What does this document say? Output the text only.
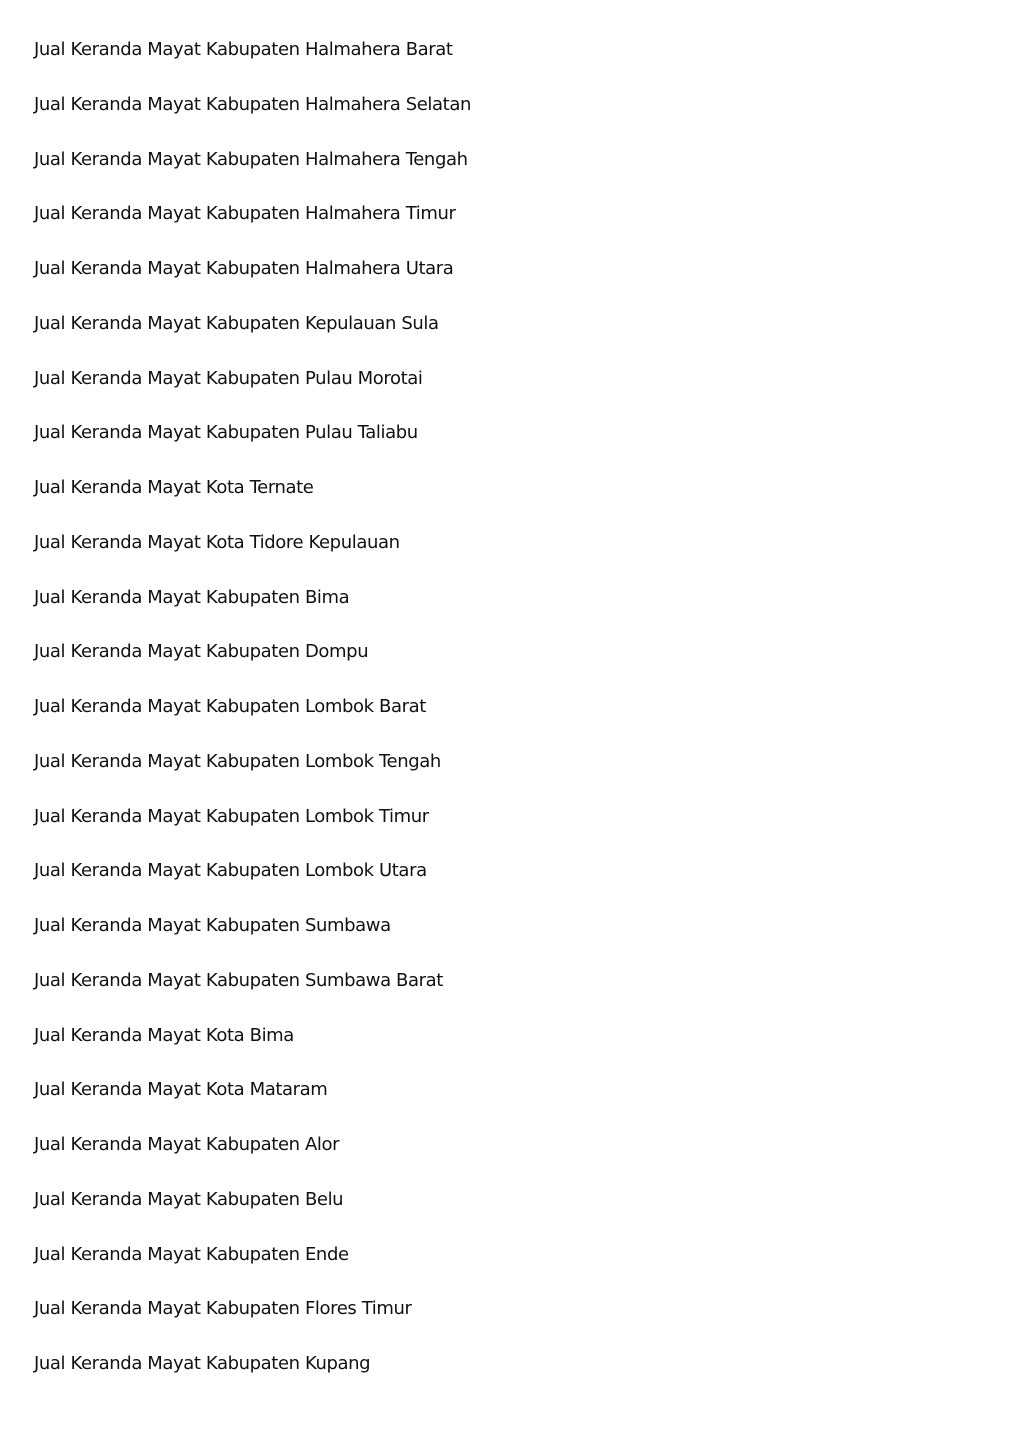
Jual Keranda Mayat Kabupaten Halmahera Barat
Jual Keranda Mayat Kabupaten Halmahera Selatan
Jual Keranda Mayat Kabupaten Halmahera Tengah
Jual Keranda Mayat Kabupaten Halmahera Timur
Jual Keranda Mayat Kabupaten Halmahera Utara
Jual Keranda Mayat Kabupaten Kepulauan Sula
Jual Keranda Mayat Kabupaten Pulau Morotai
Jual Keranda Mayat Kabupaten Pulau Taliabu
Jual Keranda Mayat Kota Ternate
Jual Keranda Mayat Kota Tidore Kepulauan
Jual Keranda Mayat Kabupaten Bima
Jual Keranda Mayat Kabupaten Dompu
Jual Keranda Mayat Kabupaten Lombok Barat
Jual Keranda Mayat Kabupaten Lombok Tengah
Jual Keranda Mayat Kabupaten Lombok Timur
Jual Keranda Mayat Kabupaten Lombok Utara
Jual Keranda Mayat Kabupaten Sumbawa
Jual Keranda Mayat Kabupaten Sumbawa Barat
Jual Keranda Mayat Kota Bima
Jual Keranda Mayat Kota Mataram
Jual Keranda Mayat Kabupaten Alor
Jual Keranda Mayat Kabupaten Belu
Jual Keranda Mayat Kabupaten Ende
Jual Keranda Mayat Kabupaten Flores Timur
Jual Keranda Mayat Kabupaten Kupang
